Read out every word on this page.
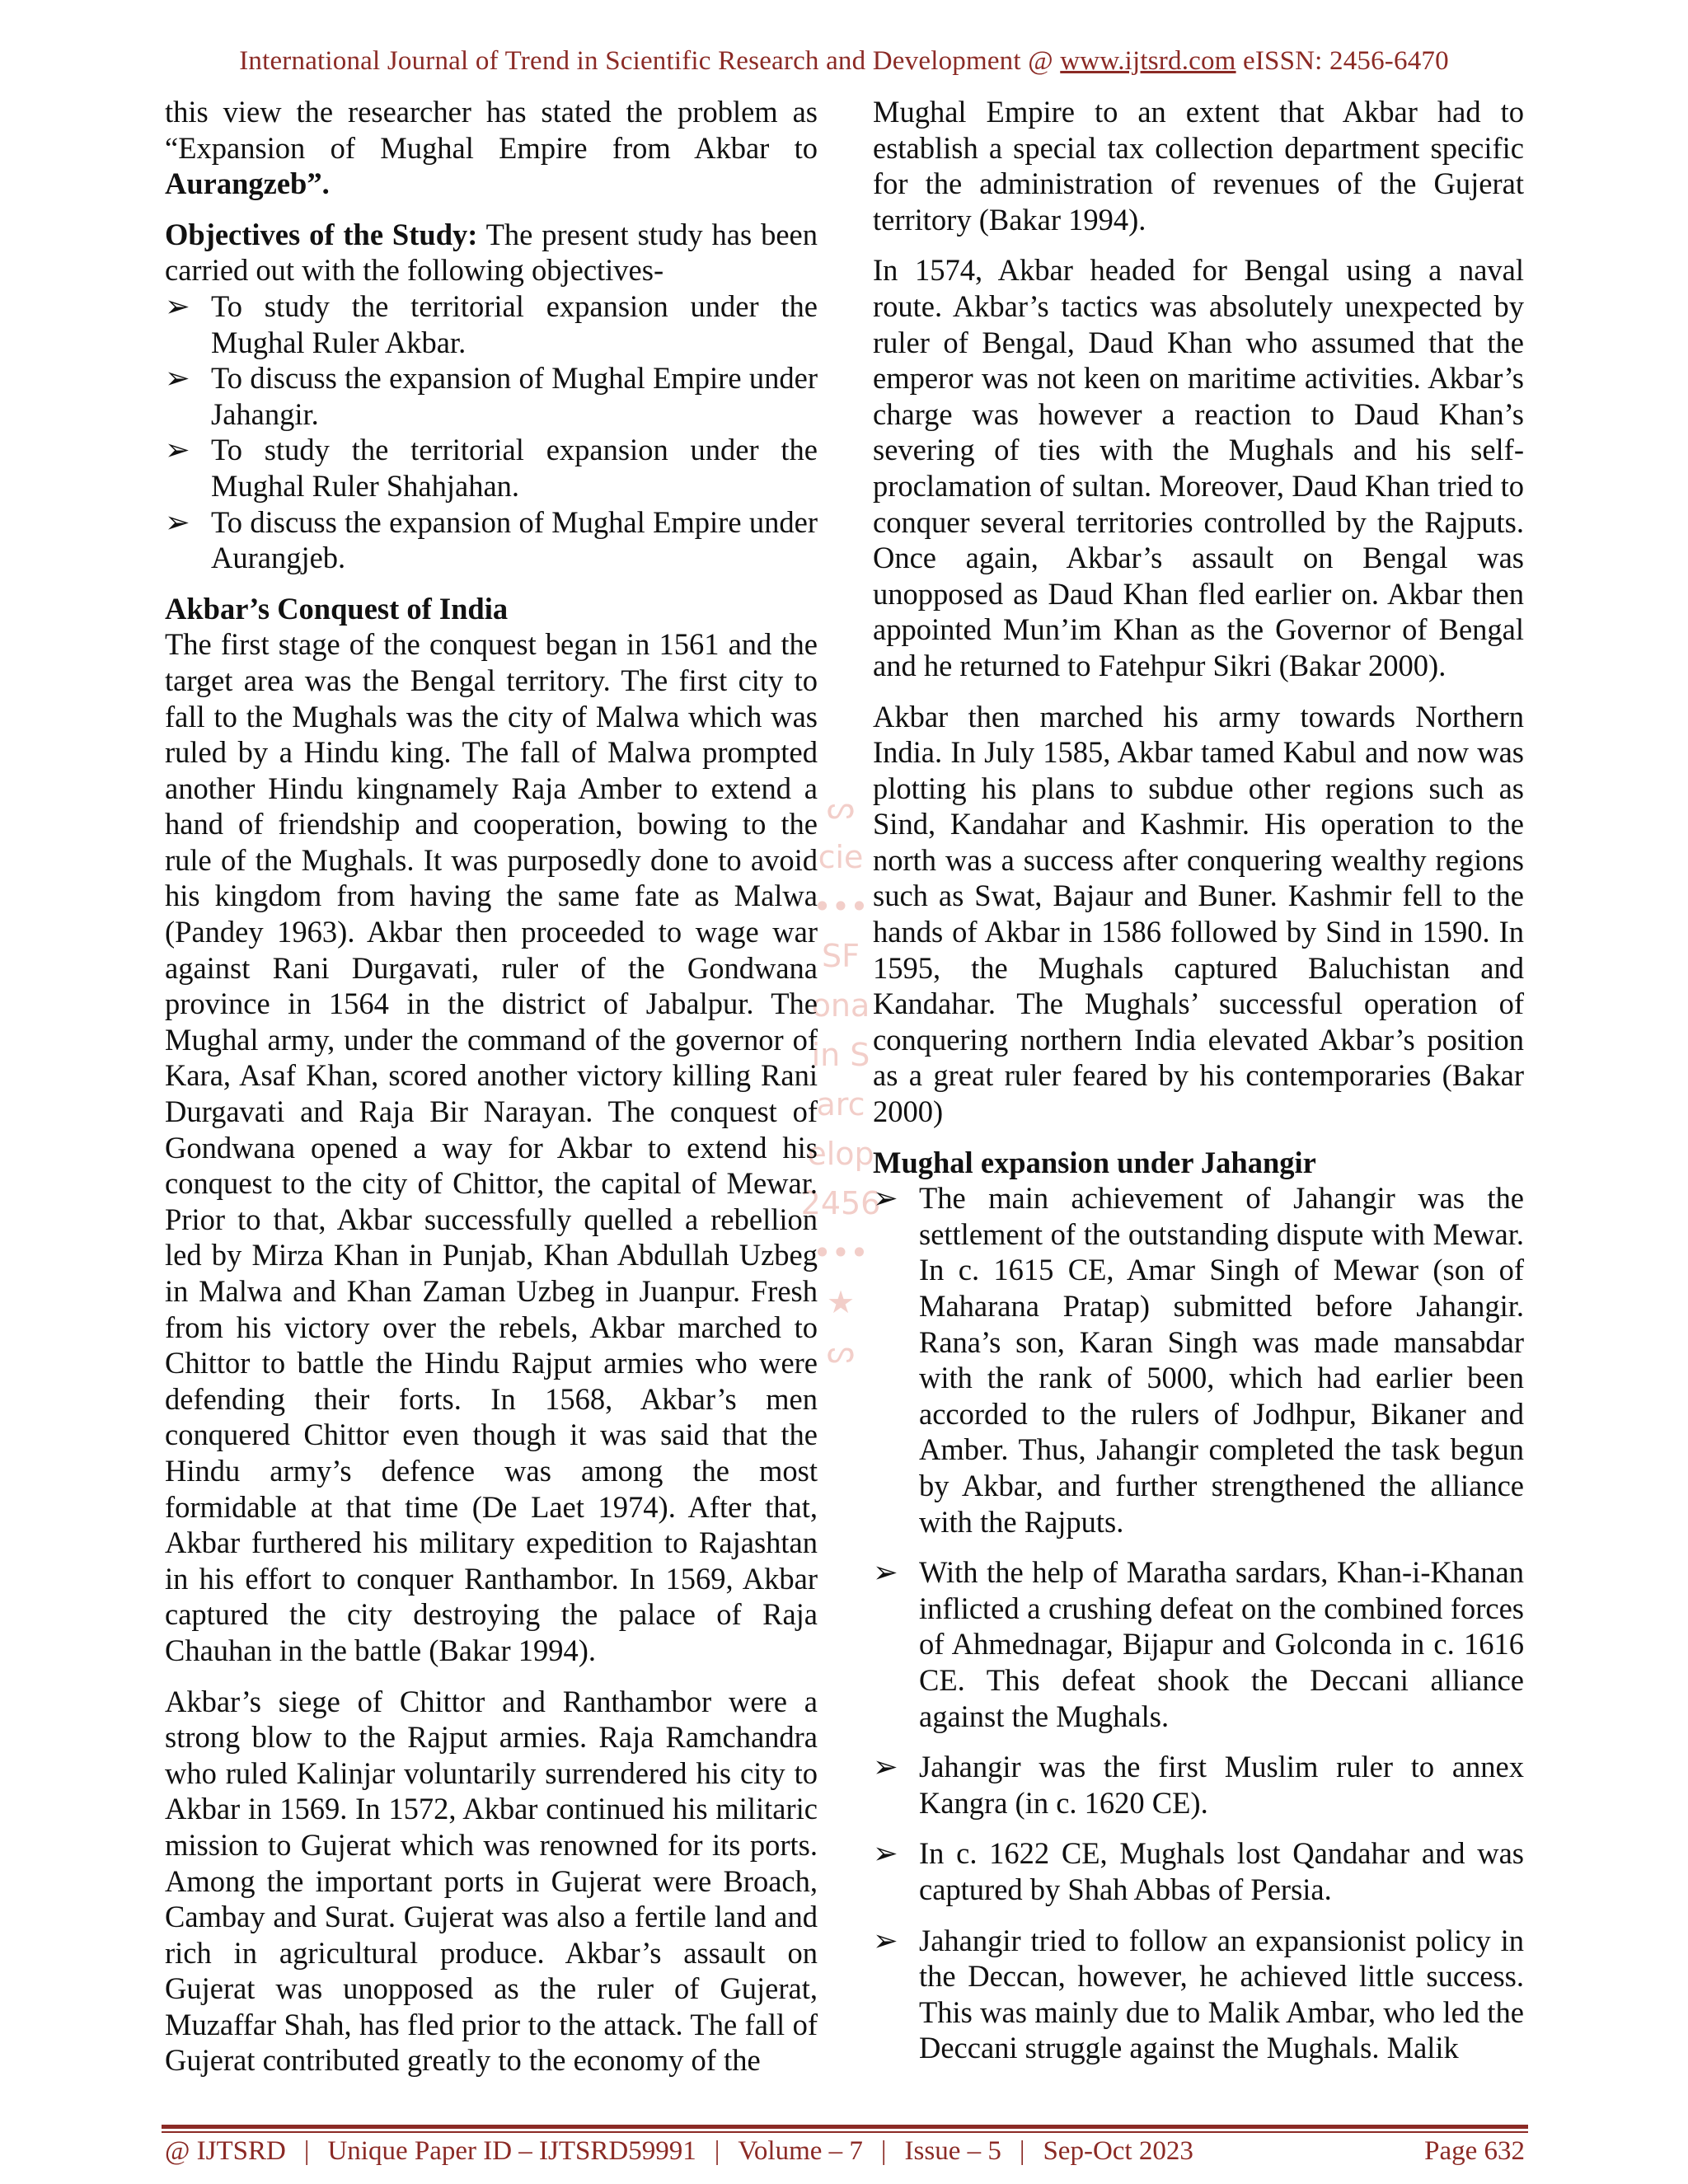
International Journal of Trend in Scientific Research and Development @ www.ijtsrd.com eISSN: 2456-6470
ᔕ
cie
•••
SF
ona
in S
arc
elop
2456
•••
★
ᔕ

this view the researcher has stated the problem as “Expansion of Mughal Empire from Akbar to Aurangzeb”.

Objectives of the Study: The present study has been carried out with the following objectives-

➢ To study the territorial expansion under the Mughal Ruler Akbar.
➢ To discuss the expansion of Mughal Empire under Jahangir.
➢ To study the territorial expansion under the Mughal Ruler Shahjahan.
➢ To discuss the expansion of Mughal Empire under Aurangjeb.
Akbar’s Conquest of India

The first stage of the conquest began in 1561 and the target area was the Bengal territory. The first city to fall to the Mughals was the city of Malwa which was ruled by a Hindu king. The fall of Malwa prompted another Hindu kingnamely Raja Amber to extend a hand of friendship and cooperation, bowing to the rule of the Mughals. It was purposedly done to avoid his kingdom from having the same fate as Malwa (Pandey 1963). Akbar then proceeded to wage war against Rani Durgavati, ruler of the Gondwana province in 1564 in the district of Jabalpur. The Mughal army, under the command of the governor of Kara, Asaf Khan, scored another victory killing Rani Durgavati and Raja Bir Narayan. The conquest of Gondwana opened a way for Akbar to extend his conquest to the city of Chittor, the capital of Mewar. Prior to that, Akbar successfully quelled a rebellion led by Mirza Khan in Punjab, Khan Abdullah Uzbeg in Malwa and Khan Zaman Uzbeg in Juanpur. Fresh from his victory over the rebels, Akbar marched to Chittor to battle the Hindu Rajput armies who were defending their forts. In 1568, Akbar’s men conquered Chittor even though it was said that the Hindu army’s defence was among the most formidable at that time (De Laet 1974). After that, Akbar furthered his military expedition to Rajashtan in his effort to conquer Ranthambor. In 1569, Akbar captured the city destroying the palace of Raja Chauhan in the battle (Bakar 1994).

Akbar’s siege of Chittor and Ranthambor were a strong blow to the Rajput armies. Raja Ramchandra who ruled Kalinjar voluntarily surrendered his city to Akbar in 1569. In 1572, Akbar continued his militaric mission to Gujerat which was renowned for its ports. Among the important ports in Gujerat were Broach, Cambay and Surat. Gujerat was also a fertile land and rich in agricultural produce. Akbar’s assault on Gujerat was unopposed as the ruler of Gujerat, Muzaffar Shah, has fled prior to the attack. The fall of Gujerat contributed greatly to the economy of the

Mughal Empire to an extent that Akbar had to establish a special tax collection department specific for the administration of revenues of the Gujerat territory (Bakar 1994).

In 1574, Akbar headed for Bengal using a naval route. Akbar’s tactics was absolutely unexpected by ruler of Bengal, Daud Khan who assumed that the emperor was not keen on maritime activities. Akbar’s charge was however a reaction to Daud Khan’s severing of ties with the Mughals and his self-proclamation of sultan. Moreover, Daud Khan tried to conquer several territories controlled by the Rajputs. Once again, Akbar’s assault on Bengal was unopposed as Daud Khan fled earlier on. Akbar then appointed Mun’im Khan as the Governor of Bengal and he returned to Fatehpur Sikri (Bakar 2000).

Akbar then marched his army towards Northern India. In July 1585, Akbar tamed Kabul and now was plotting his plans to subdue other regions such as Sind, Kandahar and Kashmir. His operation to the north was a success after conquering wealthy regions such as Swat, Bajaur and Buner. Kashmir fell to the hands of Akbar in 1586 followed by Sind in 1590. In 1595, the Mughals captured Baluchistan and Kandahar. The Mughals’ successful operation of conquering northern India elevated Akbar’s position as a great ruler feared by his contemporaries (Bakar 2000)

Mughal expansion under Jahangir
➢ The main achievement of Jahangir was the settlement of the outstanding dispute with Mewar. In c. 1615 CE, Amar Singh of Mewar (son of Maharana Pratap) submitted before Jahangir. Rana’s son, Karan Singh was made mansabdar with the rank of 5000, which had earlier been accorded to the rulers of Jodhpur, Bikaner and Amber. Thus, Jahangir completed the task begun by Akbar, and further strengthened the alliance with the Rajputs.
➢ With the help of Maratha sardars, Khan-i-Khanan inflicted a crushing defeat on the combined forces of Ahmednagar, Bijapur and Golconda in c. 1616 CE. This defeat shook the Deccani alliance against the Mughals.
➢ Jahangir was the first Muslim ruler to annex Kangra (in c. 1620 CE).
➢ In c. 1622 CE, Mughals lost Qandahar and was captured by Shah Abbas of Persia.
➢ Jahangir tried to follow an expansionist policy in the Deccan, however, he achieved little success. This was mainly due to Malik Ambar, who led the Deccani struggle against the Mughals. Malik
@ IJTSRD | Unique Paper ID – IJTSRD59991 | Volume – 7 | Issue – 5 | Sep-Oct 2023	Page 632
